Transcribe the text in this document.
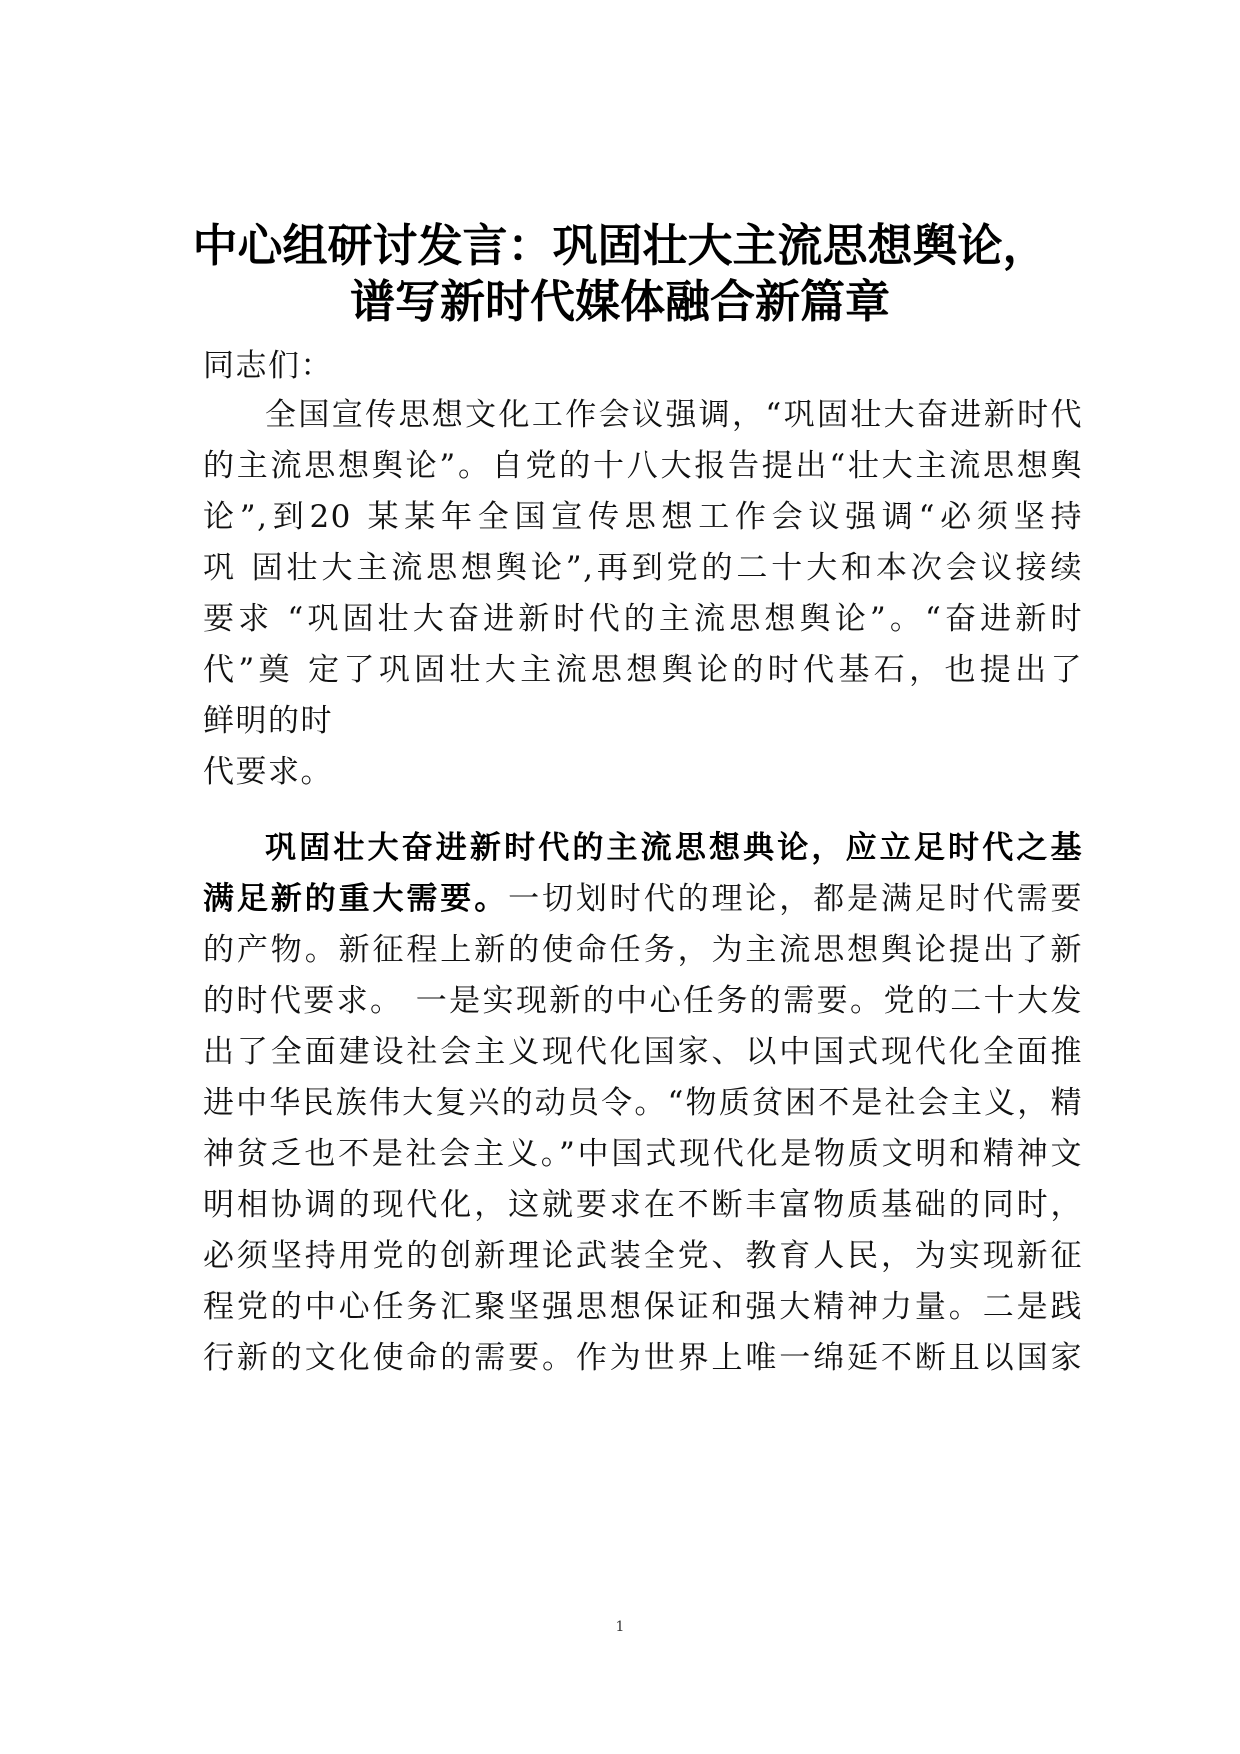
中心组研讨发言：巩固壮大主流思想舆论，
谱写新时代媒体融合新篇章

同志们：

全国宣传思想文化工作会议强调，“巩固壮大奋进新时代

的主流思想舆论”。自党的十八大报告提出“壮大主流思想舆

论”,到20 某某年全国宣传思想工作会议强调“必须坚持

巩 固壮大主流思想舆论”,再到党的二十大和本次会议接续

要求 “巩固壮大奋进新时代的主流思想舆论”。“奋进新时

代”奠 定了巩固壮大主流思想舆论的时代基石，也提出了

鲜明的时

代要求。

巩固壮大奋进新时代的主流思想典论，应立足时代之基

满足新的重大需要。一切划时代的理论，都是满足时代需要

的产物。新征程上新的使命任务，为主流思想舆论提出了新

的时代要求。 一是实现新的中心任务的需要。党的二十大发

出了全面建设社会主义现代化国家、以中国式现代化全面推

进中华民族伟大复兴的动员令。“物质贫困不是社会主义，精

神贫乏也不是社会主义。”中国式现代化是物质文明和精神文

明相协调的现代化，这就要求在不断丰富物质基础的同时，

必须坚持用党的创新理论武装全党、教育人民，为实现新征

程党的中心任务汇聚坚强思想保证和强大精神力量。二是践

行新的文化使命的需要。作为世界上唯一绵延不断且以国家

1
